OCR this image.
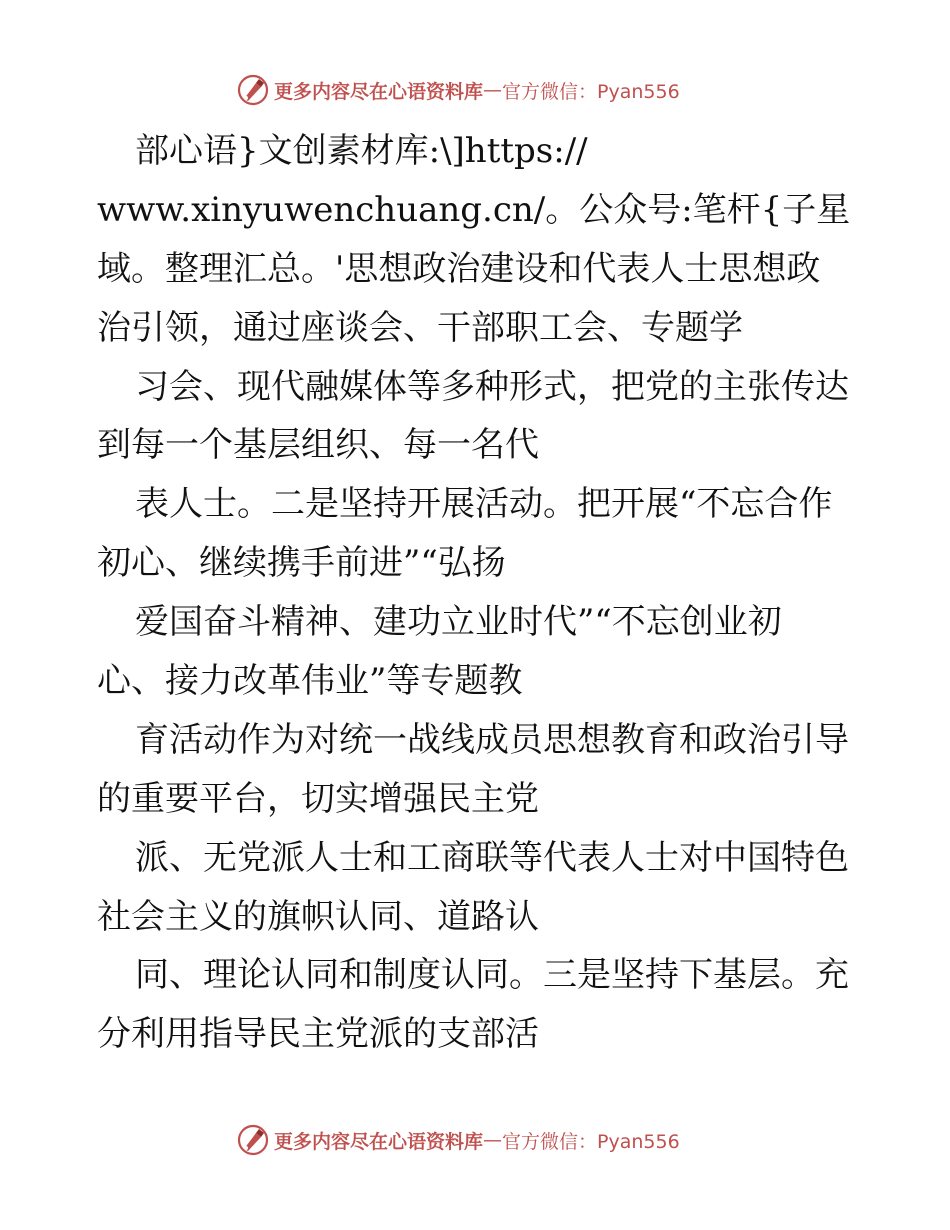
更多内容尽在心语资料库 — 官方微信：Pyan556
部心语}文创素材库:\]https://
www.xinyuwenchuang.cn/。公众号:笔杆{子星
域。整理汇总。'思想政治建设和代表人士思想政
治引领，通过座谈会、干部职工会、专题学
习会、现代融媒体等多种形式，把党的主张传达
到每一个基层组织、每一名代
表人士。二是坚持开展活动。把开展“不忘合作
初心、继续携手前进”“弘扬
爱国奋斗精神、建功立业时代”“不忘创业初
心、接力改革伟业”等专题教
育活动作为对统一战线成员思想教育和政治引导
的重要平台，切实增强民主党
派、无党派人士和工商联等代表人士对中国特色
社会主义的旗帜认同、道路认
同、理论认同和制度认同。三是坚持下基层。充
分利用指导民主党派的支部活
更多内容尽在心语资料库 — 官方微信：Pyan556
